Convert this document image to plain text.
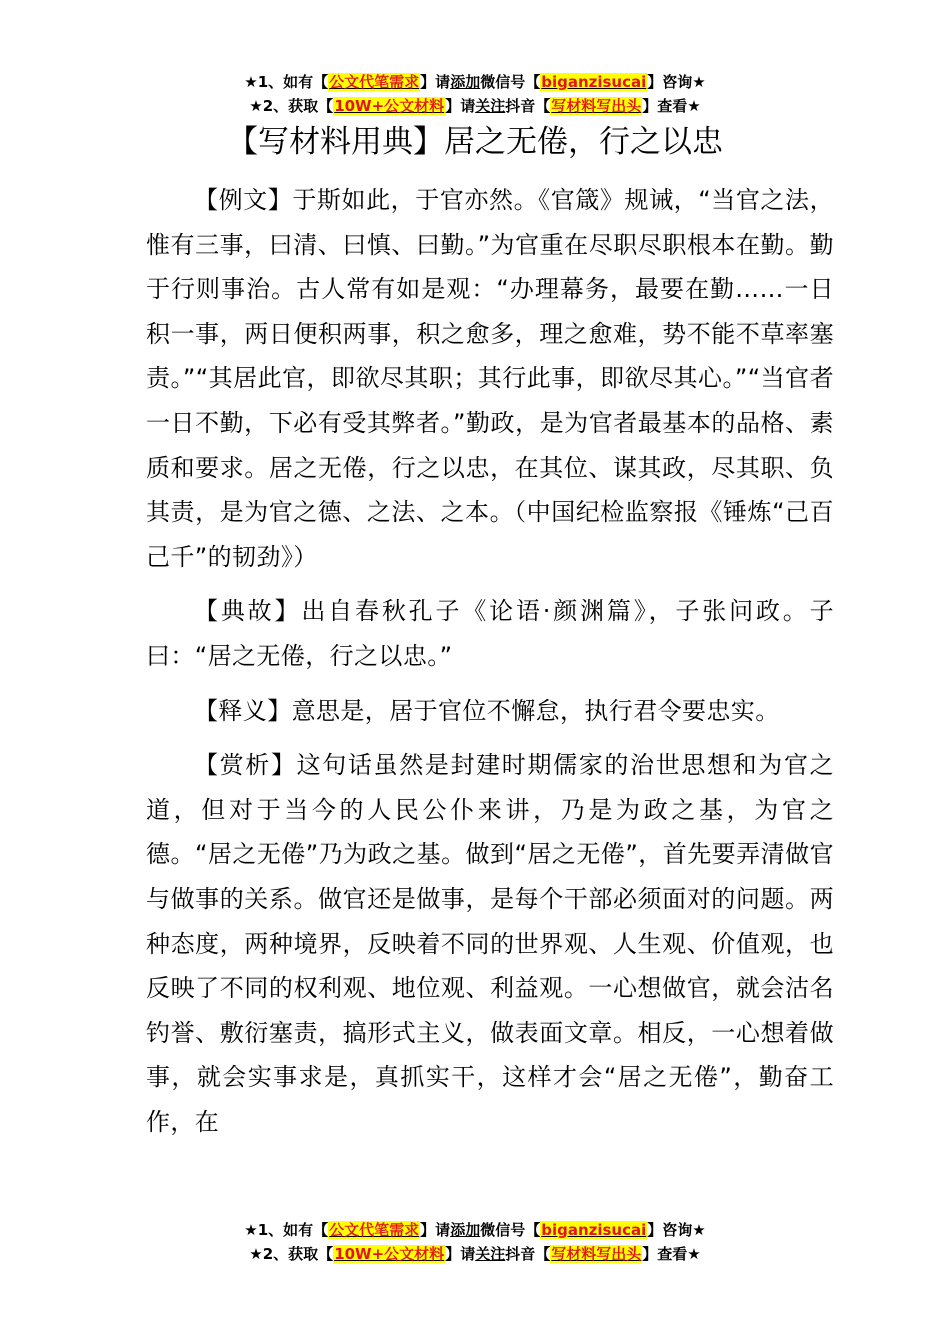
★1、如有【公文代笔需求】请添加微信号【biganzisucai】咨询★
★2、获取【10W+公文材料】请关注抖音【写材料写出头】查看★
【写材料用典】居之无倦，行之以忠

【例文】于斯如此，于官亦然。《官箴》规诫，“当官之法，惟有三事，曰清、曰慎、曰勤。”为官重在尽职尽职根本在勤。勤于行则事治。古人常有如是观：“办理幕务，最要在勤……一日积一事，两日便积两事，积之愈多，理之愈难，势不能不草率塞责。”“其居此官，即欲尽其职；其行此事，即欲尽其心。”“当官者一日不勤，下必有受其弊者。”勤政，是为官者最基本的品格、素质和要求。居之无倦，行之以忠，在其位、谋其政，尽其职、负其责，是为官之德、之法、之本。（中国纪检监察报《锤炼“己百己千”的韧劲》）

【典故】出自春秋孔子《论语·颜渊篇》，子张问政。子曰：“居之无倦，行之以忠。”

【释义】意思是，居于官位不懈怠，执行君令要忠实。

【赏析】这句话虽然是封建时期儒家的治世思想和为官之道，但对于当今的人民公仆来讲，乃是为政之基，为官之德。“居之无倦”乃为政之基。做到“居之无倦”，首先要弄清做官与做事的关系。做官还是做事，是每个干部必须面对的问题。两种态度，两种境界，反映着不同的世界观、人生观、价值观，也反映了不同的权利观、地位观、利益观。一心想做官，就会沽名钓誉、敷衍塞责，搞形式主义，做表面文章。相反，一心想着做事，就会实事求是，真抓实干，这样才会“居之无倦”，勤奋工作，在

★1、如有【公文代笔需求】请添加微信号【biganzisucai】咨询★
★2、获取【10W+公文材料】请关注抖音【写材料写出头】查看★
